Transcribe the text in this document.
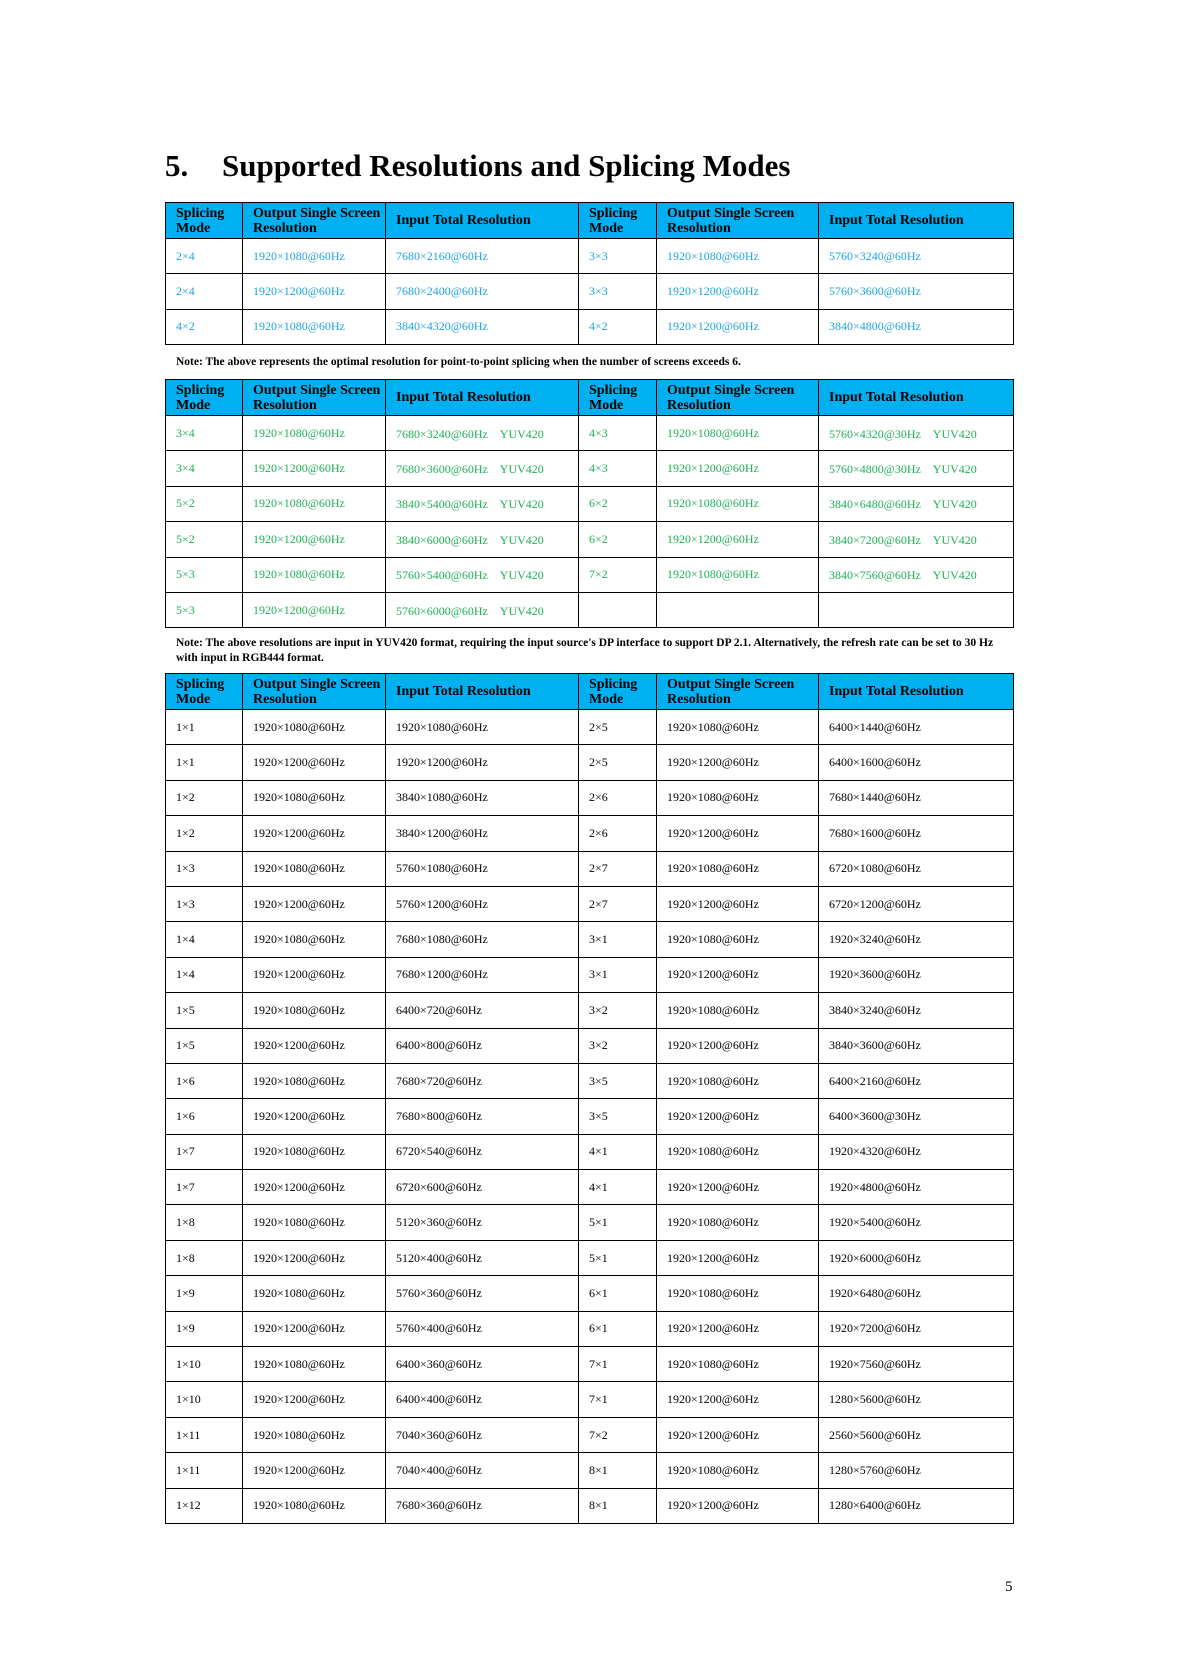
5. Supported Resolutions and Splicing Modes
Splicing Mode	Output Single Screen Resolution	Input Total Resolution	Splicing Mode	Output Single Screen Resolution	Input Total Resolution
2×4	1920×1080@60Hz	7680×2160@60Hz	3×3	1920×1080@60Hz	5760×3240@60Hz
2×4	1920×1200@60Hz	7680×2400@60Hz	3×3	1920×1200@60Hz	5760×3600@60Hz
4×2	1920×1080@60Hz	3840×4320@60Hz	4×2	1920×1200@60Hz	3840×4800@60Hz

Note: The above represents the optimal resolution for point-to-point splicing when the number of screens exceeds 6.

Splicing Mode	Output Single Screen Resolution	Input Total Resolution	Splicing Mode	Output Single Screen Resolution	Input Total Resolution
3×4	1920×1080@60Hz	7680×3240@60Hz　YUV420	4×3	1920×1080@60Hz	5760×4320@30Hz　YUV420
3×4	1920×1200@60Hz	7680×3600@60Hz　YUV420	4×3	1920×1200@60Hz	5760×4800@30Hz　YUV420
5×2	1920×1080@60Hz	3840×5400@60Hz　YUV420	6×2	1920×1080@60Hz	3840×6480@60Hz　YUV420
5×2	1920×1200@60Hz	3840×6000@60Hz　YUV420	6×2	1920×1200@60Hz	3840×7200@60Hz　YUV420
5×3	1920×1080@60Hz	5760×5400@60Hz　YUV420	7×2	1920×1080@60Hz	3840×7560@60Hz　YUV420
5×3	1920×1200@60Hz	5760×6000@60Hz　YUV420			

Note: The above resolutions are input in YUV420 format, requiring the input source's DP interface to support DP 2.1. Alternatively, the refresh rate can be set to 30 Hz with input in RGB444 format.

Splicing Mode	Output Single Screen Resolution	Input Total Resolution	Splicing Mode	Output Single Screen Resolution	Input Total Resolution
1×1	1920×1080@60Hz	1920×1080@60Hz	2×5	1920×1080@60Hz	6400×1440@60Hz
1×1	1920×1200@60Hz	1920×1200@60Hz	2×5	1920×1200@60Hz	6400×1600@60Hz
1×2	1920×1080@60Hz	3840×1080@60Hz	2×6	1920×1080@60Hz	7680×1440@60Hz
1×2	1920×1200@60Hz	3840×1200@60Hz	2×6	1920×1200@60Hz	7680×1600@60Hz
1×3	1920×1080@60Hz	5760×1080@60Hz	2×7	1920×1080@60Hz	6720×1080@60Hz
1×3	1920×1200@60Hz	5760×1200@60Hz	2×7	1920×1200@60Hz	6720×1200@60Hz
1×4	1920×1080@60Hz	7680×1080@60Hz	3×1	1920×1080@60Hz	1920×3240@60Hz
1×4	1920×1200@60Hz	7680×1200@60Hz	3×1	1920×1200@60Hz	1920×3600@60Hz
1×5	1920×1080@60Hz	6400×720@60Hz	3×2	1920×1080@60Hz	3840×3240@60Hz
1×5	1920×1200@60Hz	6400×800@60Hz	3×2	1920×1200@60Hz	3840×3600@60Hz
1×6	1920×1080@60Hz	7680×720@60Hz	3×5	1920×1080@60Hz	6400×2160@60Hz
1×6	1920×1200@60Hz	7680×800@60Hz	3×5	1920×1200@60Hz	6400×3600@30Hz
1×7	1920×1080@60Hz	6720×540@60Hz	4×1	1920×1080@60Hz	1920×4320@60Hz
1×7	1920×1200@60Hz	6720×600@60Hz	4×1	1920×1200@60Hz	1920×4800@60Hz
1×8	1920×1080@60Hz	5120×360@60Hz	5×1	1920×1080@60Hz	1920×5400@60Hz
1×8	1920×1200@60Hz	5120×400@60Hz	5×1	1920×1200@60Hz	1920×6000@60Hz
1×9	1920×1080@60Hz	5760×360@60Hz	6×1	1920×1080@60Hz	1920×6480@60Hz
1×9	1920×1200@60Hz	5760×400@60Hz	6×1	1920×1200@60Hz	1920×7200@60Hz
1×10	1920×1080@60Hz	6400×360@60Hz	7×1	1920×1080@60Hz	1920×7560@60Hz
1×10	1920×1200@60Hz	6400×400@60Hz	7×1	1920×1200@60Hz	1280×5600@60Hz
1×11	1920×1080@60Hz	7040×360@60Hz	7×2	1920×1200@60Hz	2560×5600@60Hz
1×11	1920×1200@60Hz	7040×400@60Hz	8×1	1920×1080@60Hz	1280×5760@60Hz
1×12	1920×1080@60Hz	7680×360@60Hz	8×1	1920×1200@60Hz	1280×6400@60Hz
5
